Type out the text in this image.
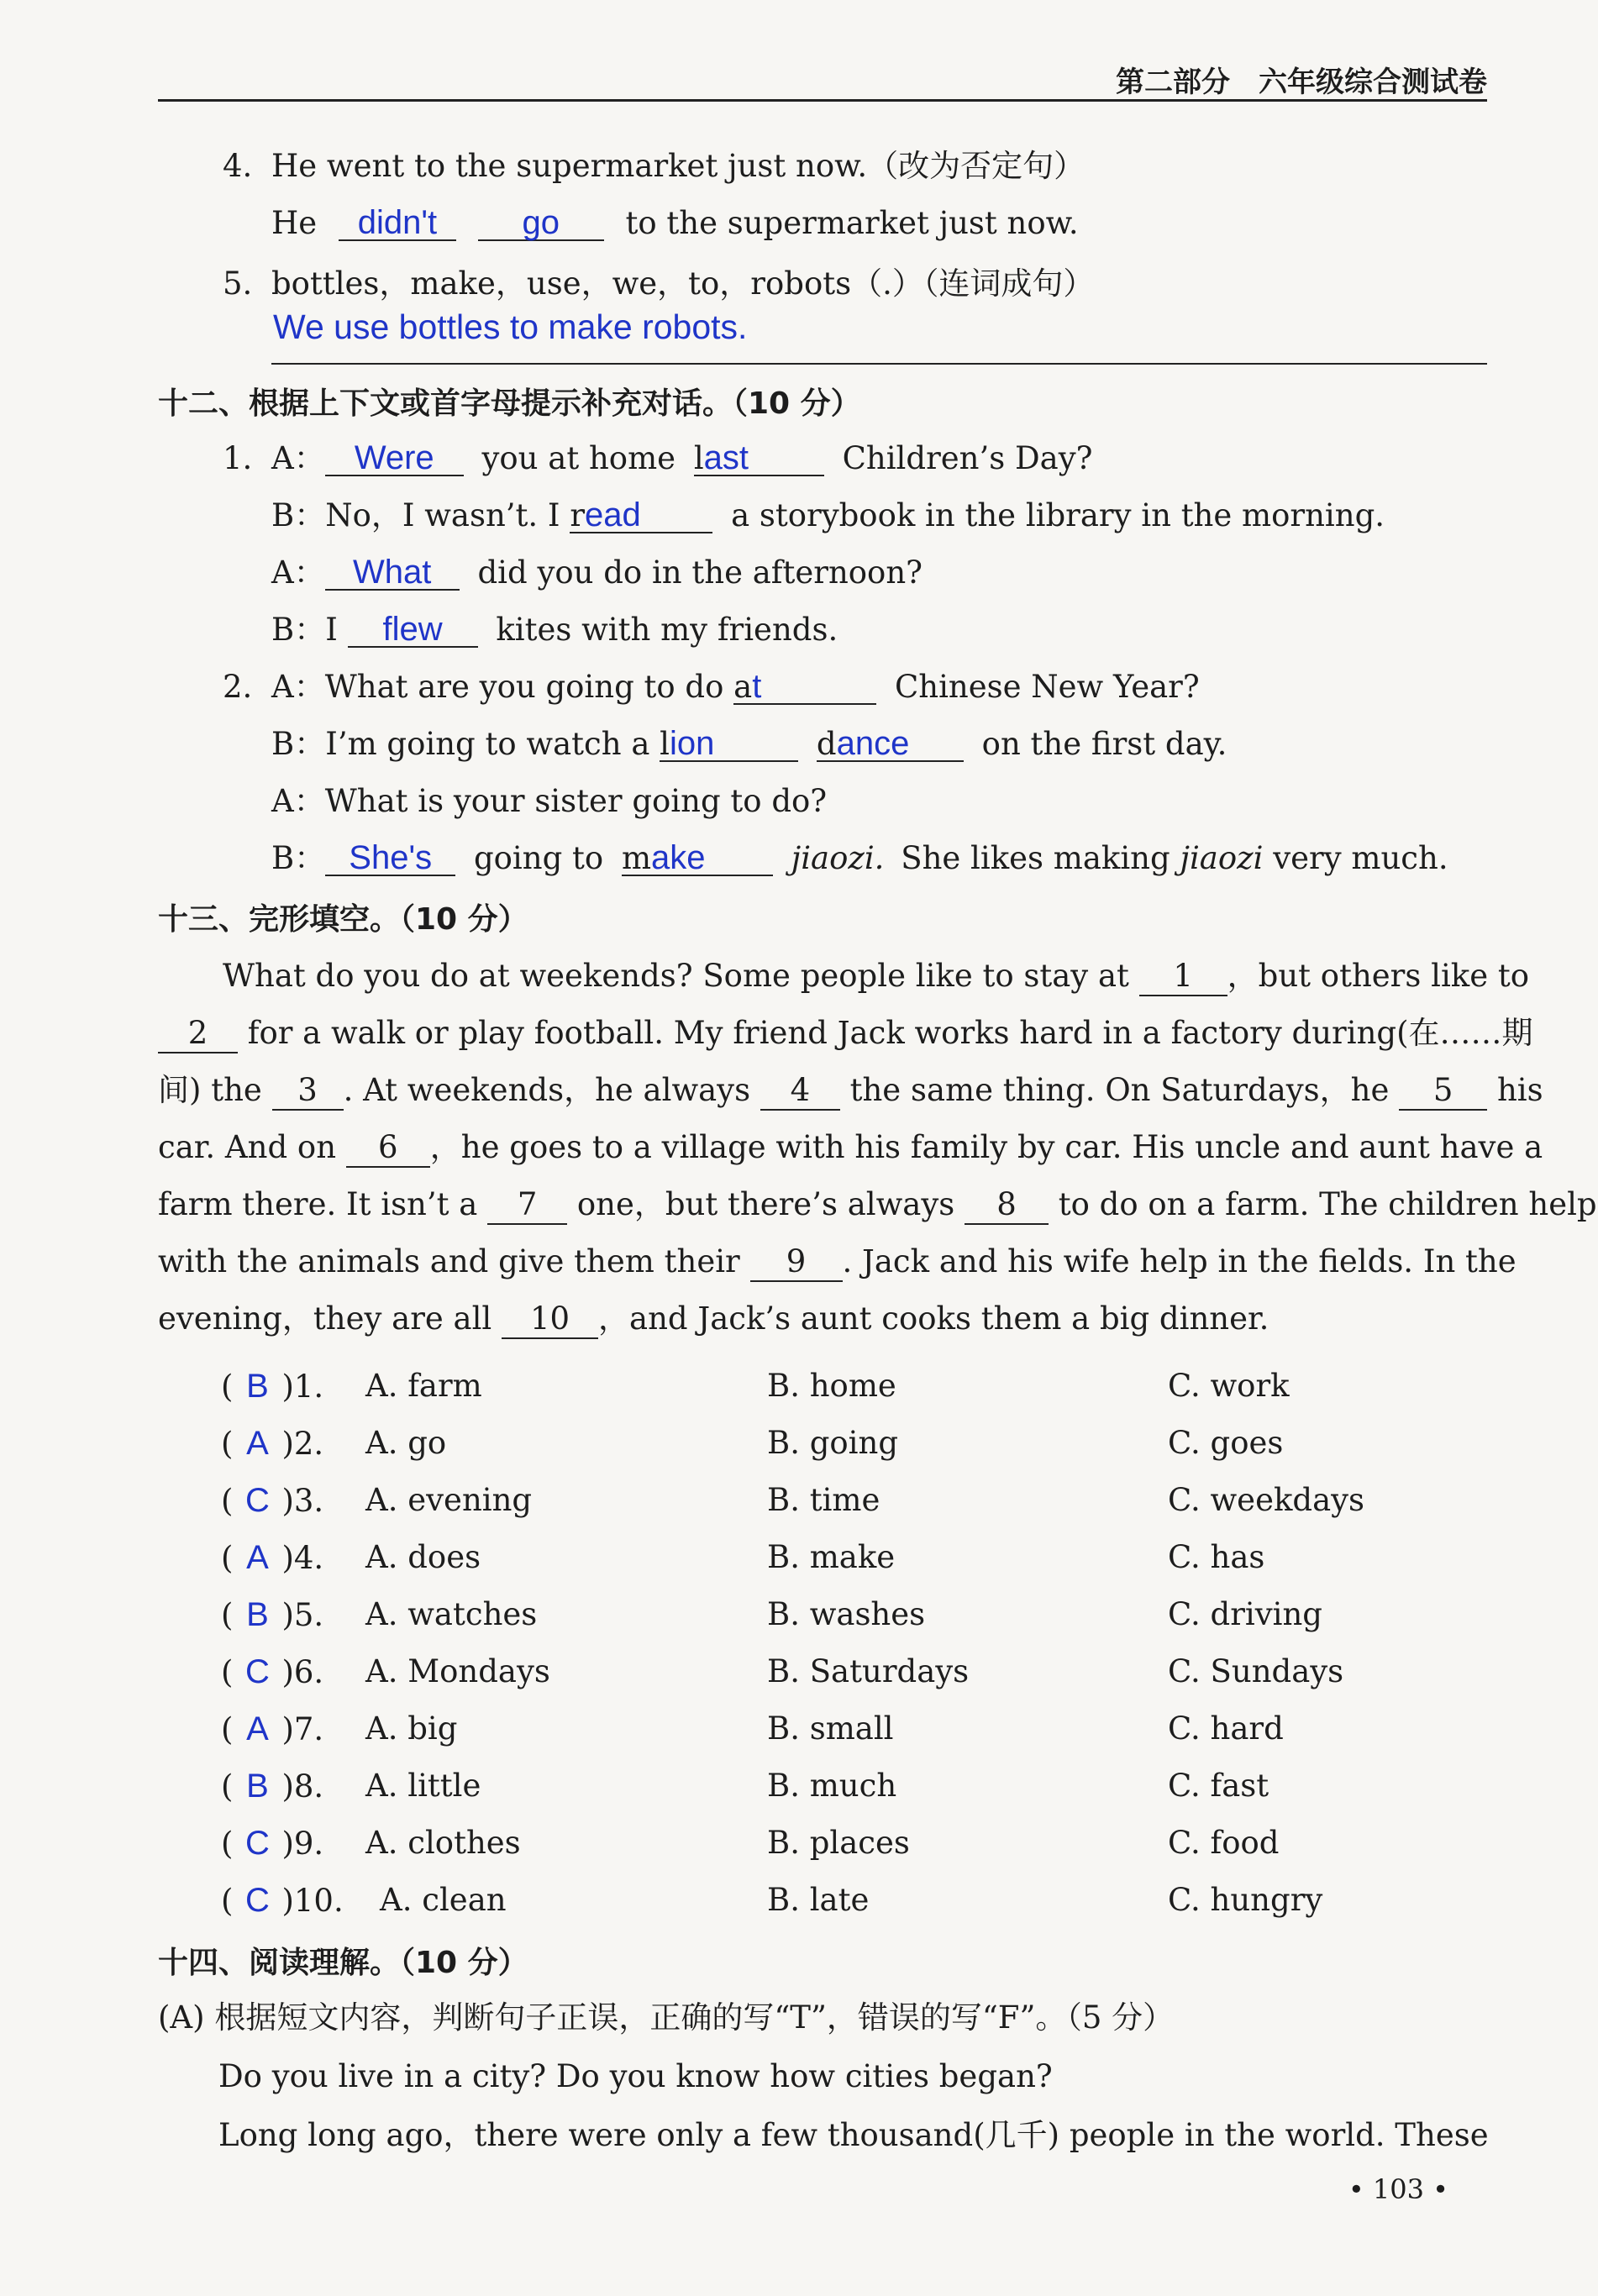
第二部分　六年级综合测试卷
4. He went to the supermarket just now.（改为否定句）
He didn't	go to the supermarket just now.
5. bottles，make，use，we，to，robots（.）（连词成句）
We use bottles to make robots.
十二、根据上下文或首字母提示补充对话。（10 分）
1. A： Were you at home last	Children’s Day?
B：No，I wasn’t. I read	a storybook in the library in the morning.
A： What did you do in the afternoon?
B：I flew kites with my friends.
2. A：What are you going to do at	Chinese New Year?
B：I’m going to watch a lion	dance on the first day.
A：What is your sister going to do?
B： She's going to make	jiaozi. She likes making jiaozi very much.
十三、完形填空。（10 分）
What do you do at weekends? Some people like to stay at 1 ，but others like to
2 for a walk or play football. My friend Jack works hard in a factory during(在……期
间) the 3 . At weekends，he always 4 the same thing. On Saturdays，he 5 his
car. And on 6 ，he goes to a village with his family by car. His uncle and aunt have a
farm there. It isn’t a 7 one，but there’s always 8 to do on a farm. The children help
with the animals and give them their 9 . Jack and his wife help in the fields. In the
evening，they are all 10 ，and Jack’s aunt cooks them a big dinner.
( B )1. A. farm	B. home	C. work
( A )2. A. go	B. going	C. goes
( C )3. A. evening	B. time	C. weekdays
( A )4. A. does	B. make	C. has
( B )5. A. watches	B. washes	C. driving
( C )6. A. Mondays	B. Saturdays	C. Sundays
( A )7. A. big	B. small	C. hard
( B )8. A. little	B. much	C. fast
( C )9. A. clothes	B. places	C. food
( C )10. A. clean	B. late	C. hungry
十四、阅读理解。（10 分）
(A) 根据短文内容，判断句子正误，正确的写“T”，错误的写“F”。（5 分）
Do you live in a city? Do you know how cities began?
Long long ago，there were only a few thousand(几千) people in the world. These
• 103 •
